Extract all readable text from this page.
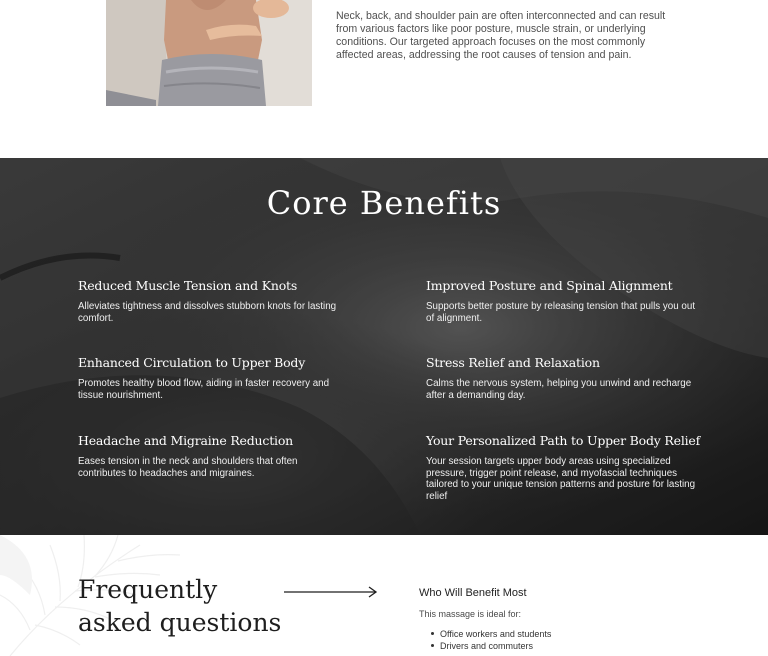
Neck, back, and shoulder pain are often interconnected and can result from various factors like poor posture, muscle strain, or underlying conditions. Our targeted approach focuses on the most commonly affected areas, addressing the root causes of tension and pain.

Core Benefits
Reduced Muscle Tension and Knots

Alleviates tightness and dissolves stubborn knots for lasting comfort.

Improved Posture and Spinal Alignment

Supports better posture by releasing tension that pulls you out of alignment.

Enhanced Circulation to Upper Body

Promotes healthy blood flow, aiding in faster recovery and tissue nourishment.

Stress Relief and Relaxation

Calms the nervous system, helping you unwind and recharge after a demanding day.

Headache and Migraine Reduction

Eases tension in the neck and shoulders that often contributes to headaches and migraines.

Your Personalized Path to Upper Body Relief

Your session targets upper body areas using specialized pressure, trigger point release, and myofascial techniques tailored to your unique tension patterns and posture for lasting relief

Frequently asked questions
Who Will Benefit Most

This massage is ideal for:

Office workers and students
Drivers and commuters
